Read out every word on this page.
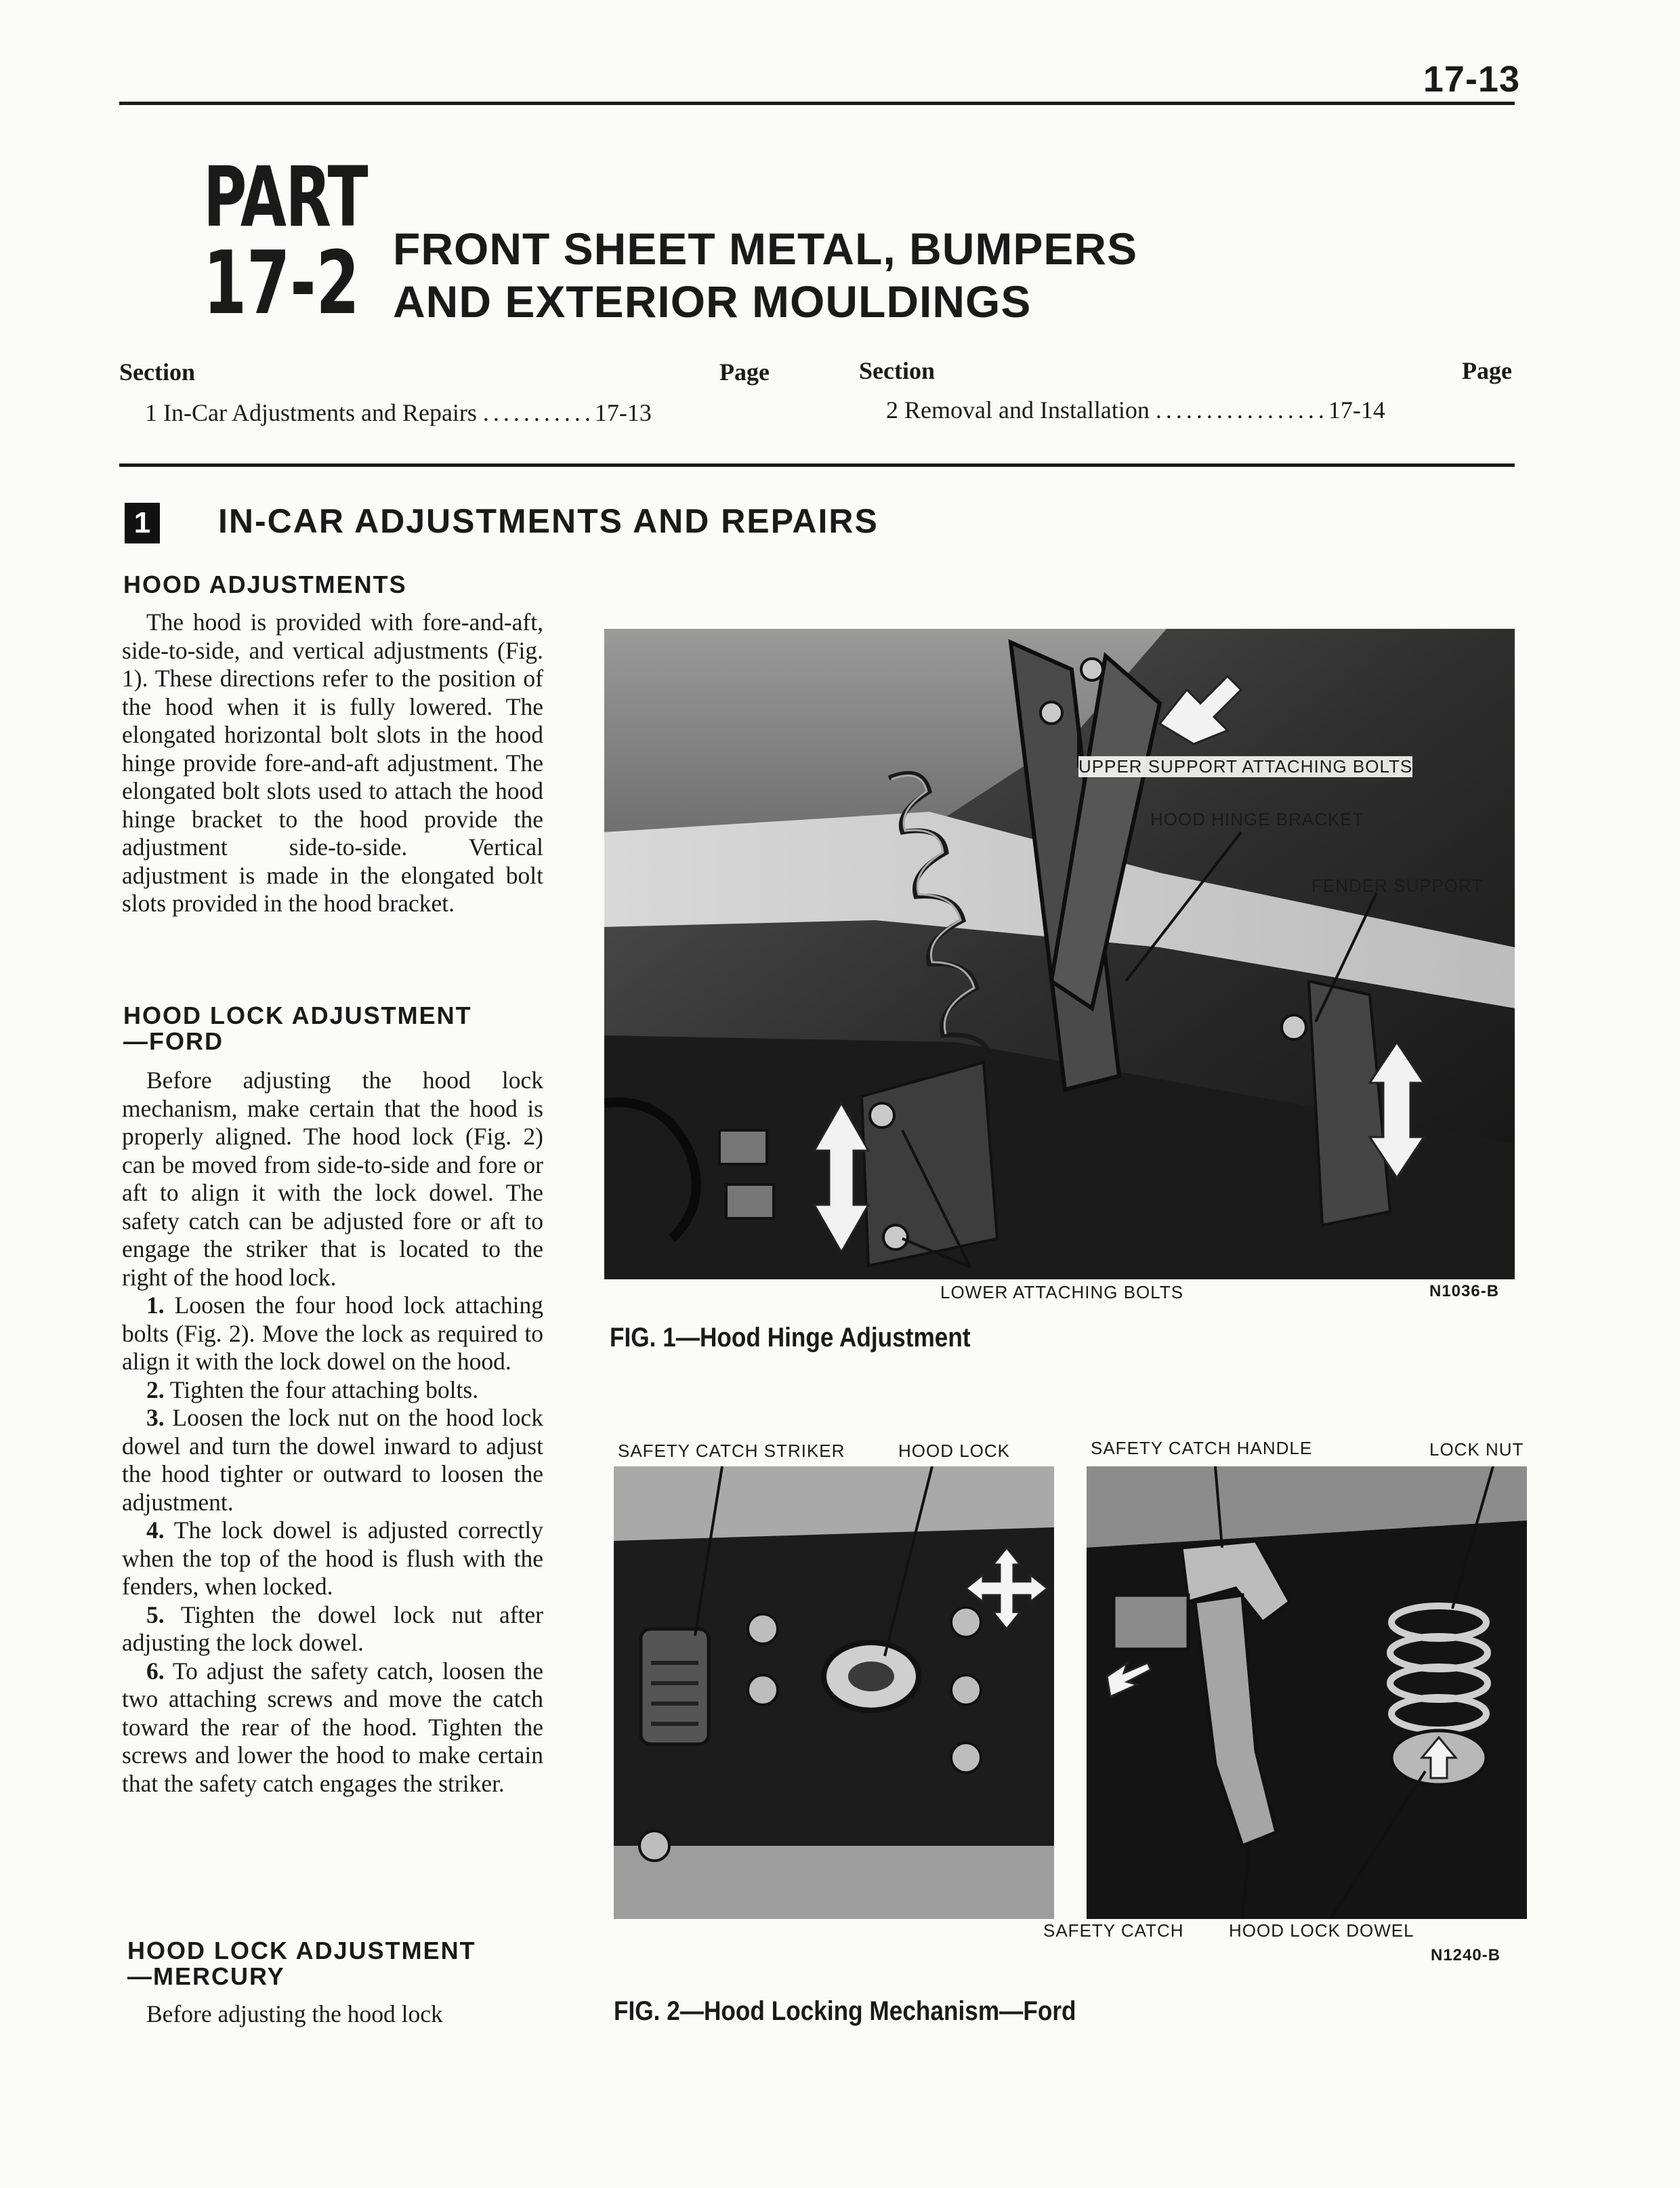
17-13
PART
17-2 FRONT SHEET METAL, BUMPERS
AND EXTERIOR MOULDINGS
Section	Page	Section	Page
1 In-Car Adjustments and Repairs ...........17-13	2 Removal and Installation .................17-14
1 IN-CAR ADJUSTMENTS AND REPAIRS
HOOD ADJUSTMENTS

The hood is provided with fore-and-aft, side-to-side, and vertical adjustments (Fig. 1). These directions refer to the position of the hood when it is fully lowered. The elongated horizontal bolt slots in the hood hinge provide fore-and-aft adjustment. The elongated bolt slots used to attach the hood hinge bracket to the hood provide the adjustment side-to-side. Vertical adjustment is made in the elongated bolt slots provided in the hood bracket.

HOOD LOCK ADJUSTMENT
—FORD

Before adjusting the hood lock mechanism, make certain that the hood is properly aligned. The hood lock (Fig. 2) can be moved from side-to-side and fore or aft to align it with the lock dowel. The safety catch can be adjusted fore or aft to engage the striker that is located to the right of the hood lock.

1. Loosen the four hood lock attaching bolts (Fig. 2). Move the lock as required to align it with the lock dowel on the hood.

2. Tighten the four attaching bolts.

3. Loosen the lock nut on the hood lock dowel and turn the dowel inward to adjust the hood tighter or outward to loosen the adjustment.

4. The lock dowel is adjusted correctly when the top of the hood is flush with the fenders, when locked.

5. Tighten the dowel lock nut after adjusting the lock dowel.

6. To adjust the safety catch, loosen the two attaching screws and move the catch toward the rear of the hood. Tighten the screws and lower the hood to make certain that the safety catch engages the striker.

HOOD LOCK ADJUSTMENT
—MERCURY

Before adjusting the hood lock

UPPER SUPPORT ATTACHING BOLTS
HOOD HINGE BRACKET
FENDER SUPPORT
LOWER ATTACHING BOLTS	N1036-B
FIG. 1—Hood Hinge Adjustment
SAFETY CATCH STRIKER	HOOD LOCK	SAFETY CATCH HANDLE	LOCK NUT
SAFETY CATCH	HOOD LOCK DOWEL
N1240-B
FIG. 2—Hood Locking Mechanism—Ford
